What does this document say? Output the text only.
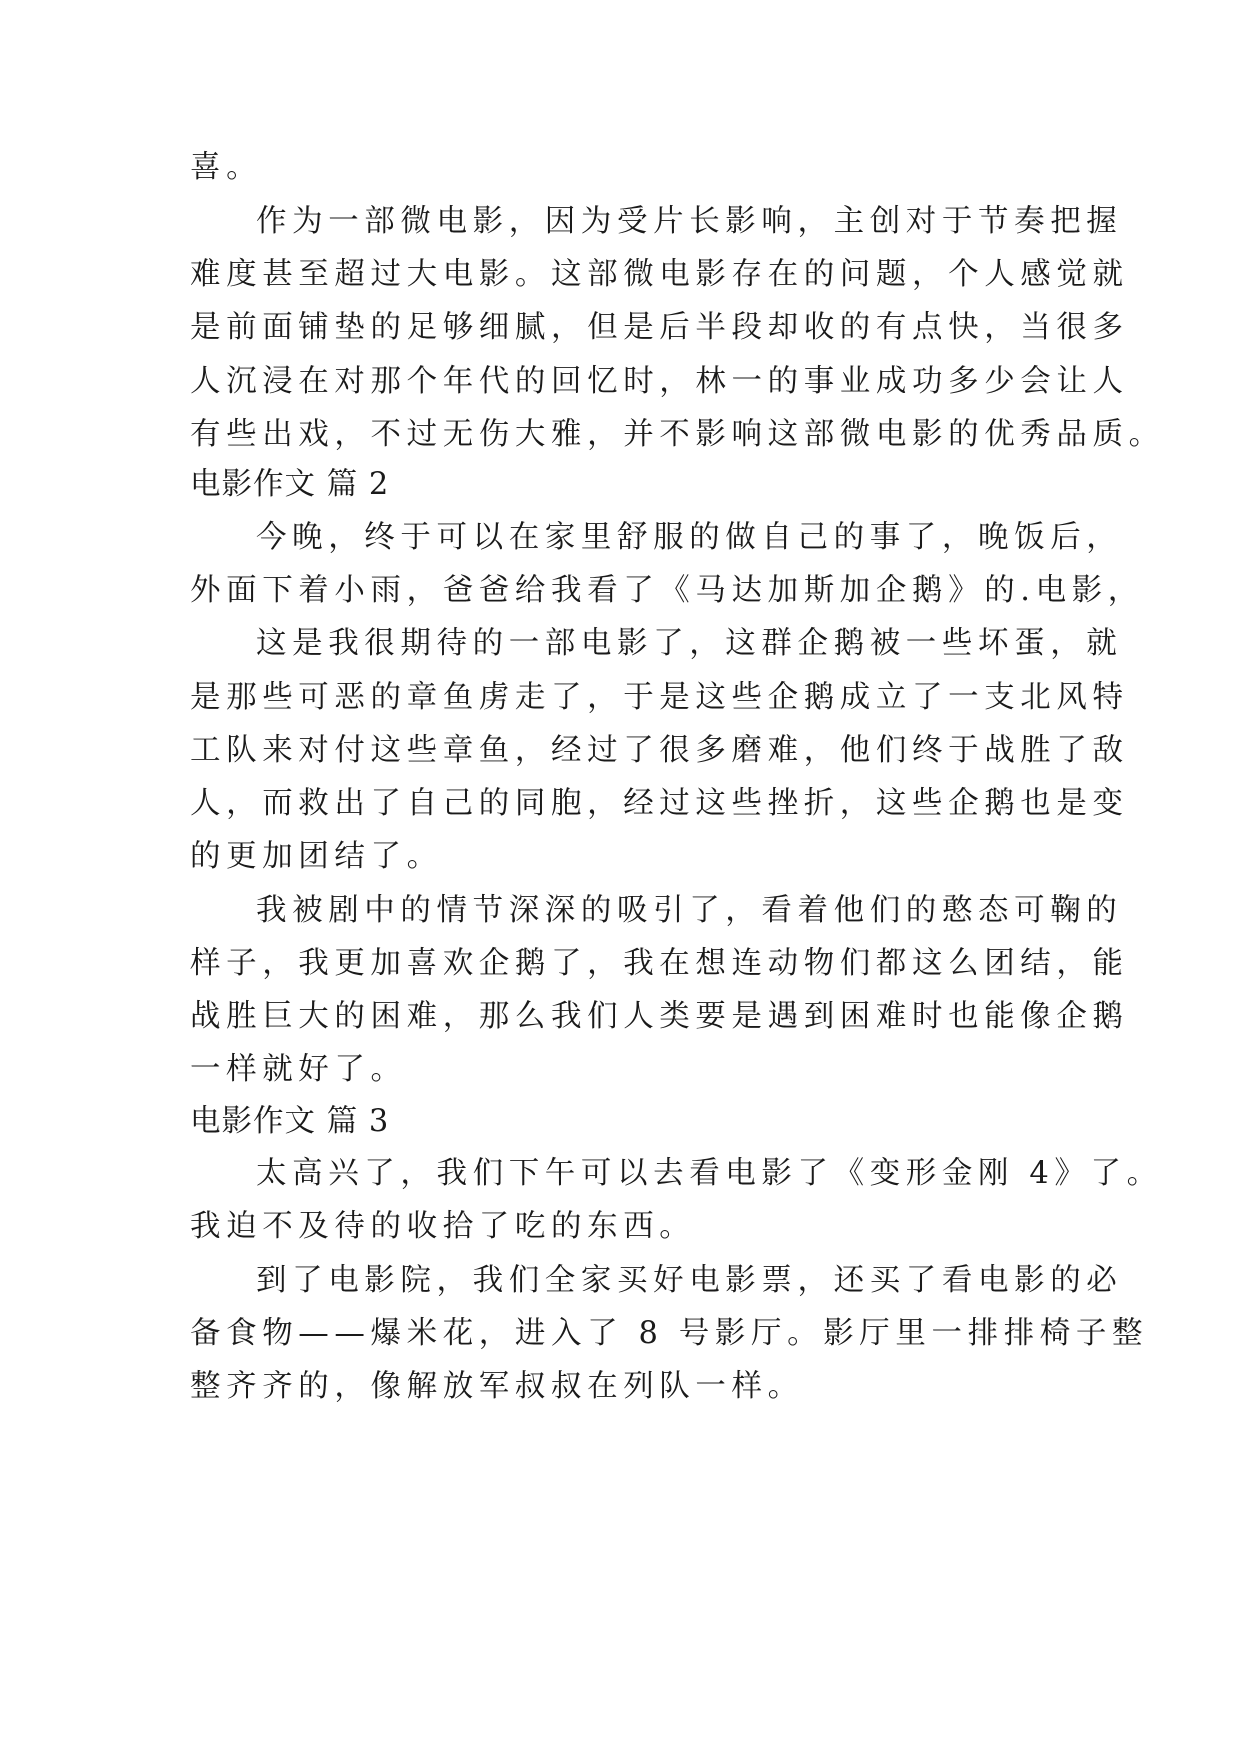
喜。
作为一部微电影，因为受片长影响，主创对于节奏把握
难度甚至超过大电影。这部微电影存在的问题，个人感觉就
是前面铺垫的足够细腻，但是后半段却收的有点快，当很多
人沉浸在对那个年代的回忆时，林一的事业成功多少会让人
有些出戏，不过无伤大雅，并不影响这部微电影的优秀品质。
电影作文 篇 2
今晚，终于可以在家里舒服的做自己的事了，晚饭后，
外面下着小雨，爸爸给我看了《马达加斯加企鹅》的.电影，
这是我很期待的一部电影了，这群企鹅被一些坏蛋，就
是那些可恶的章鱼虏走了，于是这些企鹅成立了一支北风特
工队来对付这些章鱼，经过了很多磨难，他们终于战胜了敌
人，而救出了自己的同胞，经过这些挫折，这些企鹅也是变
的更加团结了。
我被剧中的情节深深的吸引了，看着他们的憨态可鞠的
样子，我更加喜欢企鹅了，我在想连动物们都这么团结，能
战胜巨大的困难，那么我们人类要是遇到困难时也能像企鹅
一样就好了。
电影作文 篇 3
太高兴了，我们下午可以去看电影了《变形金刚 4》了。
我迫不及待的收拾了吃的东西。
到了电影院，我们全家买好电影票，还买了看电影的必
备食物——爆米花，进入了 8 号影厅。影厅里一排排椅子整
整齐齐的，像解放军叔叔在列队一样。
